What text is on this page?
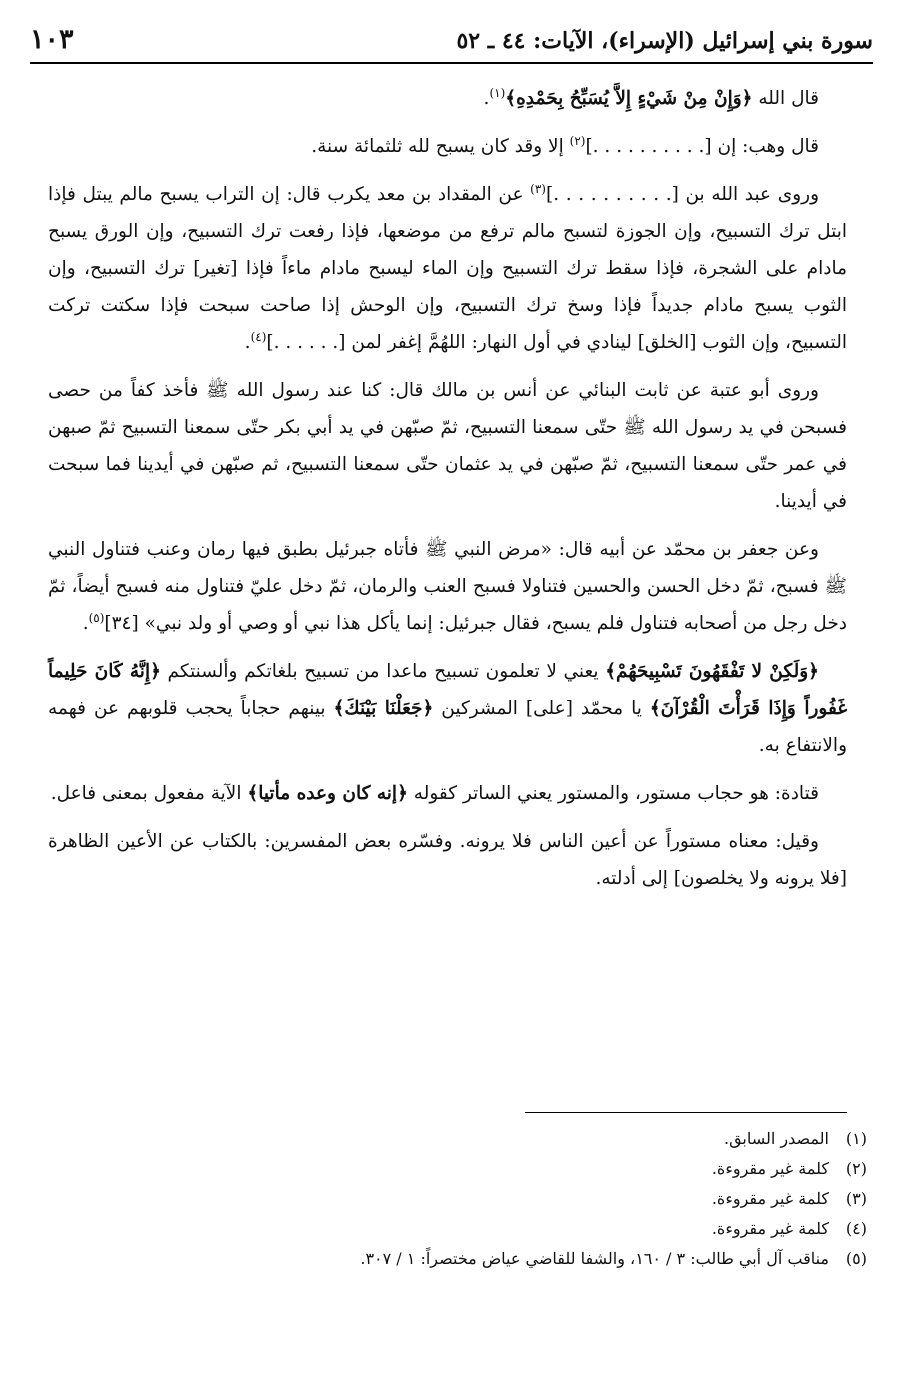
سورة بني إسرائيل (الإسراء)، الآيات: ٤٤ ـ ٥٢
١٠٣

قال الله ﴿وَإِنْ مِنْ شَيْءٍ إِلاَّ يُسَبِّحُ بِحَمْدِهِ﴾$^{(١)}$.

قال وهب: إن [. . . . . . . . . .]$^{(٢)}$ إلا وقد كان يسبح لله ثلثمائة سنة.

وروى عبد الله بن [. . . . . . . . . .]$^{(٣)}$ عن المقداد بن معد يكرب قال: إن التراب يسبح مالم يبتل فإذا ابتل ترك التسبيح، وإن الجوزة لتسبح مالم ترفع من موضعها، فإذا رفعت ترك التسبيح، وإن الورق يسبح مادام على الشجرة، فإذا سقط ترك التسبيح وإن الماء ليسبح مادام ماءاً فإذا [تغير] ترك التسبيح، وإن الثوب يسبح مادام جديداً فإذا وسخ ترك التسبيح، وإن الوحش إذا صاحت سبحت فإذا سكتت تركت التسبيح، وإن الثوب [الخلق] لينادي في أول النهار: اللهُمَّ إغفر لمن [. . . . . .]$^{(٤)}$.

وروى أبو عتبة عن ثابت البنائي عن أنس بن مالك قال: كنا عند رسول الله ﷺ فأخذ كفاً من حصى فسبحن في يد رسول الله ﷺ حتّى سمعنا التسبيح، ثمّ صبّهن في يد أبي بكر حتّى سمعنا التسبيح ثمّ صبهن في عمر حتّى سمعنا التسبيح، ثمّ صبّهن في يد عثمان حتّى سمعنا التسبيح، ثم صبّهن في أيدينا فما سبحت في أيدينا.

وعن جعفر بن محمّد عن أبيه قال: «مرض النبي ﷺ فأتاه جبرئيل بطبق فيها رمان وعنب فتناول النبي ﷺ فسبح، ثمّ دخل الحسن والحسين فتناولا فسبح العنب والرمان، ثمّ دخل عليّ فتناول منه فسبح أيضاً، ثمّ دخل رجل من أصحابه فتناول فلم يسبح، فقال جبرئيل: إنما يأكل هذا نبي أو وصي أو ولد نبي» [٣٤]$^{(٥)}$.

﴿وَلَكِنْ لا تَفْقَهُونَ تَسْبِيحَهُمْ﴾ يعني لا تعلمون تسبيح ماعدا من تسبيح بلغاتكم وألسنتكم ﴿إِنَّهُ كَانَ حَلِيماً غَفُوراً وَإِذَا قَرَأْتَ الْقُرْآنَ﴾ يا محمّد [على] المشركين ﴿جَعَلْنَا بَيْنَكَ﴾ بينهم حجاباً يحجب قلوبهم عن فهمه والانتفاع به.

قتادة: هو حجاب مستور، والمستور يعني الساتر كقوله ﴿إنه كان وعده مأتيا﴾ الآية مفعول بمعنى فاعل.

وقيل: معناه مستوراً عن أعين الناس فلا يرونه. وفسّره بعض المفسرين: بالكتاب عن الأعين الظاهرة [فلا يرونه ولا يخلصون] إلى أدلته.

(١)المصدر السابق.
(٢)كلمة غير مقروءة.
(٣)كلمة غير مقروءة.
(٤)كلمة غير مقروءة.
(٥)مناقب آل أبي طالب: ٣ / ١٦٠، والشفا للقاضي عياض مختصراً: ١ / ٣٠٧.
